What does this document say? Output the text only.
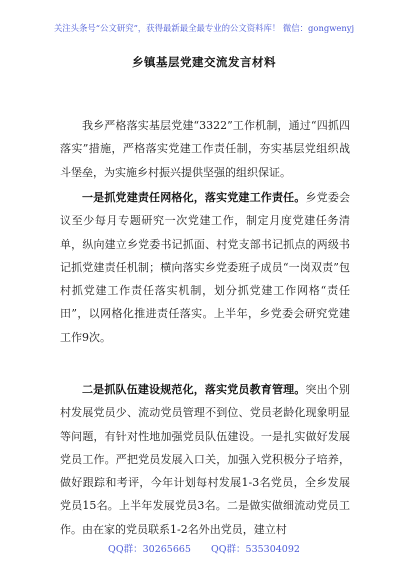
关注头条号“公文研究”，获得最新最全最专业的公文资料库！ 微信：gongwenyj
乡镇基层党建交流发言材料

我乡严格落实基层党建“3322”工作机制，通过“四抓四落实”措施，严格落实党建工作责任制，夯实基层党组织战斗堡垒，为实施乡村振兴提供坚强的组织保证。

一是抓党建责任网格化，落实党建工作责任。乡党委会议至少每月专题研究一次党建工作，制定月度党建任务清单，纵向建立乡党委书记抓面、村党支部书记抓点的两级书记抓党建责任机制；横向落实乡党委班子成员“一岗双责”包村抓党建工作责任落实机制，划分抓党建工作网格“责任田”，以网格化推进责任落实。上半年，乡党委会研究党建工作9次。

二是抓队伍建设规范化，落实党员教育管理。突出个别村发展党员少、流动党员管理不到位、党员老龄化现象明显等问题，有针对性地加强党员队伍建设。一是扎实做好发展党员工作。严把党员发展入口关，加强入党积极分子培养，做好跟踪和考评，今年计划每村发展1-3名党员，全乡发展党员15名。上半年发展党员3名。二是做实做细流动党员工作。由在家的党员联系1-2名外出党员，建立村

QQ群：30265665 QQ群：535304092
